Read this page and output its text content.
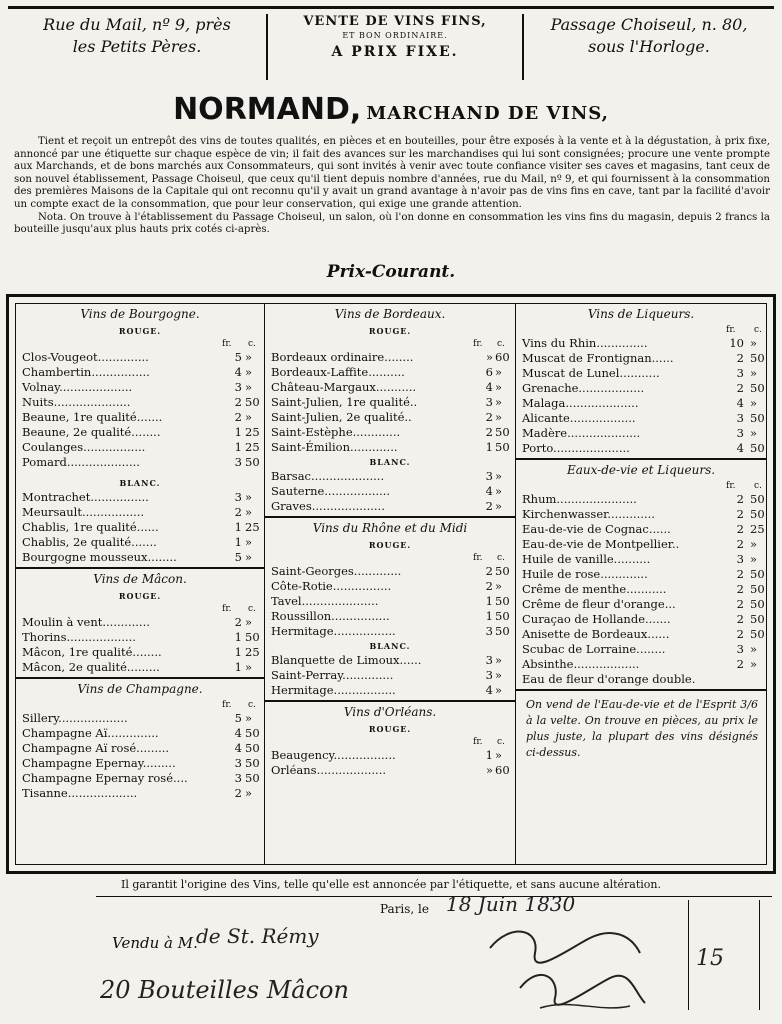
Rue du Mail, nº 9, près
les Petits Pères.
VENTE DE VINS FINS,
ET BON ORDINAIRE.
A PRIX FIXE.
Passage Choiseul, n. 80,
sous l'Horloge.
NORMAND, MARCHAND DE VINS,

Tient et reçoit un entrepôt des vins de toutes qualités, en pièces et en bouteilles, pour être exposés à la vente et à la dégustation, à prix fixe, annoncé par une étiquette sur chaque espèce de vin; il fait des avances sur les marchandises qui lui sont consignées; procure une vente prompte aux Marchands, et de bons marchés aux Consommateurs, qui sont invités à venir avec toute confiance visiter ses caves et magasins, tant ceux de son nouvel établissement, Passage Choiseul, que ceux qu'il tient depuis nombre d'années, rue du Mail, nº 9, et qui fournissent à la consommation des premières Maisons de la Capitale qui ont reconnu qu'il y avait un grand avantage à n'avoir pas de vins fins en cave, tant par la facilité d'avoir un compte exact de la consommation, que pour leur conservation, qui exige une grande attention.

Nota. On trouve à l'établissement du Passage Choiseul, un salon, où l'on donne en consommation les vins fins du magasin, depuis 2 francs la bouteille jusqu'aux plus hauts prix cotés ci-après.

Prix-Courant.
Vins de Bourgogne.
ROUGE.
fr. c.
Clos-Vougeot..............	5 »
Chambertin................	4 »
Volnay....................	3 »
Nuits.....................	2 50
Beaune, 1re qualité.......	2 »
Beaune, 2e qualité........	1 25
Coulanges.................	1 25
Pomard....................	3 50
BLANC.
Montrachet................	3 »
Meursault.................	2 »
Chablis, 1re qualité......	1 25
Chablis, 2e qualité.......	1 »
Bourgogne mousseux........	5 »
Vins de Mâcon.
ROUGE.
fr. c.
Moulin à vent.............	2 »
Thorins...................	1 50
Mâcon, 1re qualité........	1 25
Mâcon, 2e qualité.........	1 »
Vins de Champagne.
fr. c.
Sillery...................	5 »
Champagne Aï..............	4 50
Champagne Aï rosé.........	4 50
Champagne Epernay.........	3 50
Champagne Epernay rosé....	3 50
Tisanne...................	2 »
Vins de Bordeaux.
ROUGE.
fr. c.
Bordeaux ordinaire........	» 60
Bordeaux-Laffite..........	6 »
Château-Margaux...........	4 »
Saint-Julien, 1re qualité..	3 »
Saint-Julien, 2e qualité..	2 »
Saint-Estèphe.............	2 50
Saint-Émilion.............	1 50
BLANC.
Barsac....................	3 »
Sauterne..................	4 »
Graves....................	2 »
Vins du Rhône et du Midi
ROUGE.
fr. c.
Saint-Georges.............	2 50
Côte-Rotie................	2 »
Tavel.....................	1 50
Roussillon................	1 50
Hermitage.................	3 50
BLANC.
Blanquette de Limoux......	3 »
Saint-Perray..............	3 »
Hermitage.................	4 »
Vins d'Orléans.
ROUGE.
fr. c.
Beaugency.................	1 »
Orléans...................	» 60
Vins de Liqueurs.
fr. c.
Vins du Rhin..............	10 »
Muscat de Frontignan......	2 50
Muscat de Lunel...........	3 »
Grenache..................	2 50
Malaga....................	4 »
Alicante..................	3 50
Madère....................	3 »
Porto.....................	4 50
Eaux-de-vie et Liqueurs.
fr. c.
Rhum......................	2 50
Kirchenwasser.............	2 50
Eau-de-vie de Cognac......	2 25
Eau-de-vie de Montpellier..	2 »
Huile de vanille..........	3 »
Huile de rose.............	2 50
Crême de menthe...........	2 50
Crême de fleur d'orange...	2 50
Curaçao de Hollande.......	2 50
Anisette de Bordeaux......	2 50
Scubac de Lorraine........	3 »
Absinthe..................	2 »
Eau de fleur d'orange double.
On vend de l'Eau-de-vie et de l'Esprit 3/6 à la velte. On trouve en pièces, au prix le plus juste, la plupart des vins désignés ci-dessus.
Il garantit l'origine des Vins, telle qu'elle est annoncée par l'étiquette, et sans aucune altération.
Paris, le 18 Juin 1830
Vendu à M.
de St. Rémy
20 Bouteilles Mâcon
15
